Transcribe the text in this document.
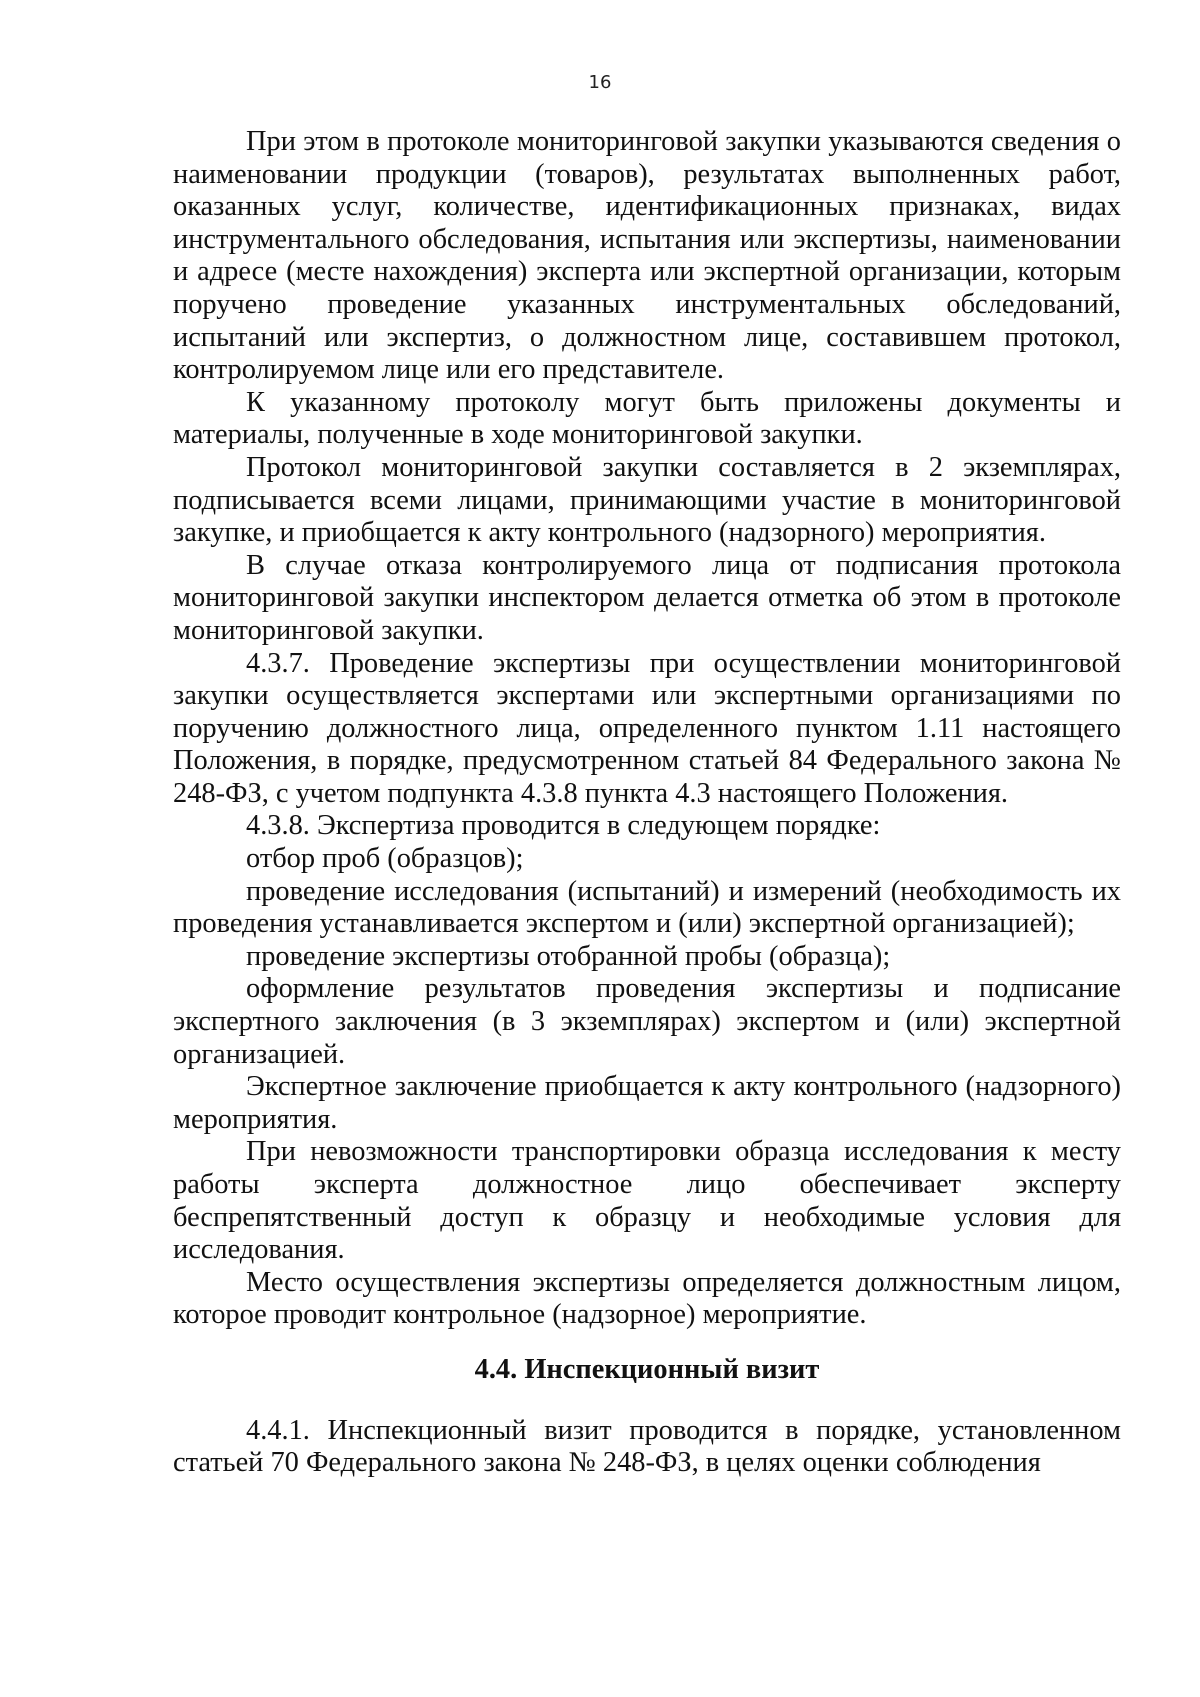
16

При этом в протоколе мониторинговой закупки указываются сведения о наименовании продукции (товаров), результатах выполненных работ, оказанных услуг, количестве, идентификационных признаках, видах инструментального обследования, испытания или экспертизы, наименовании и адресе (месте нахождения) эксперта или экспертной организации, которым поручено проведение указанных инструментальных обследований, испытаний или экспертиз, о должностном лице, составившем протокол, контролируемом лице или его представителе.

К указанному протоколу могут быть приложены документы и материалы, полученные в ходе мониторинговой закупки.

Протокол мониторинговой закупки составляется в 2 экземплярах, подписывается всеми лицами, принимающими участие в мониторинговой закупке, и приобщается к акту контрольного (надзорного) мероприятия.

В случае отказа контролируемого лица от подписания протокола мониторинговой закупки инспектором делается отметка об этом в протоколе мониторинговой закупки.

4.3.7. Проведение экспертизы при осуществлении мониторинговой закупки осуществляется экспертами или экспертными организациями по поручению должностного лица, определенного пунктом 1.11 настоящего Положения, в порядке, предусмотренном статьей 84 Федерального закона № 248-ФЗ, с учетом подпункта 4.3.8 пункта 4.3 настоящего Положения.

4.3.8. Экспертиза проводится в следующем порядке:

отбор проб (образцов);

проведение исследования (испытаний) и измерений (необходимость их проведения устанавливается экспертом и (или) экспертной организацией);

проведение экспертизы отобранной пробы (образца);

оформление результатов проведения экспертизы и подписание экспертного заключения (в 3 экземплярах) экспертом и (или) экспертной организацией.

Экспертное заключение приобщается к акту контрольного (надзорного) мероприятия.

При невозможности транспортировки образца исследования к месту работы эксперта должностное лицо обеспечивает эксперту беспрепятственный доступ к образцу и необходимые условия для исследования.

Место осуществления экспертизы определяется должностным лицом, которое проводит контрольное (надзорное) мероприятие.

4.4. Инспекционный визит

4.4.1. Инспекционный визит проводится в порядке, установленном статьей 70 Федерального закона № 248-ФЗ, в целях оценки соблюдения
